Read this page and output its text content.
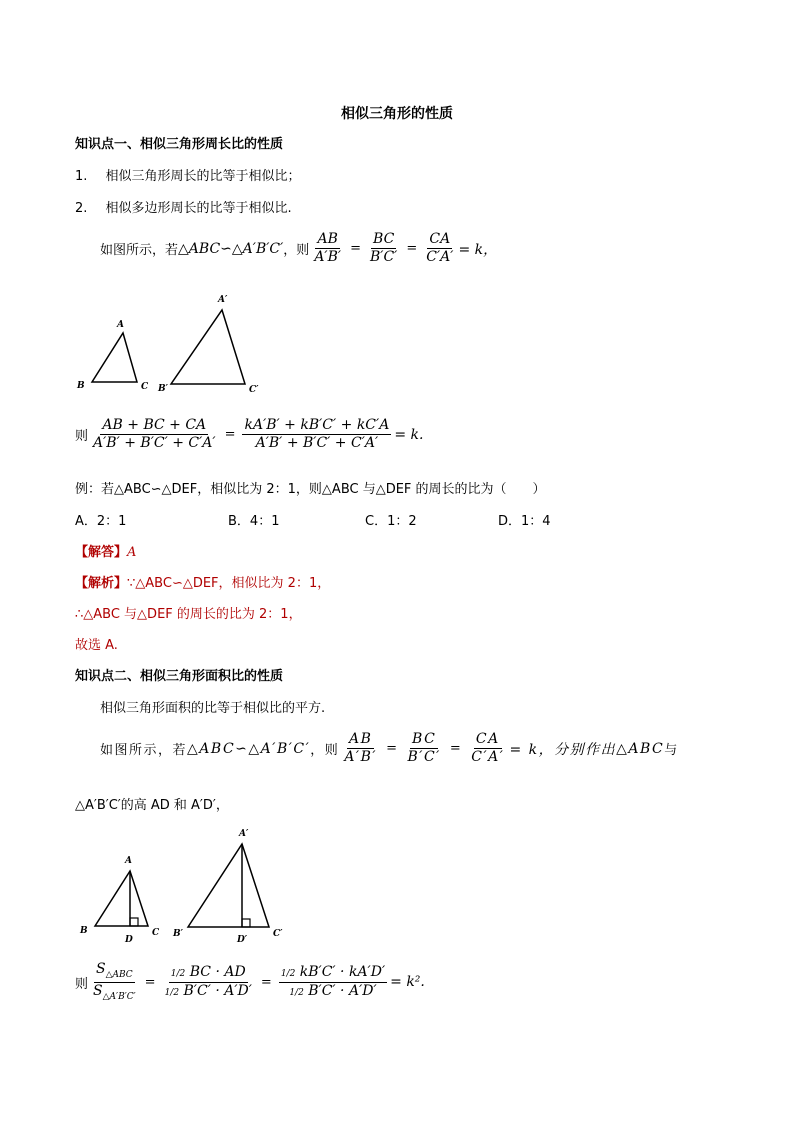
相似三角形的性质
知识点一、相似三角形周长比的性质
1. 相似三角形周长的比等于相似比；
2. 相似多边形周长的比等于相似比.
如图所示，若 △ABC∽△A′B′C′ ，则 $\frac{AB}{A'B'} = \frac{BC}{B'C'} = \frac{CA}{C'A'} = k$，
A
B	C
A′
B′	C′
则 $\frac{AB + BC + CA}{A'B' + B'C' + C'A'} = \frac{kA'B' + kB'C' + kC'A}{A'B' + B'C' + C'A'} = k$.
例：若△ABC∽△DEF，相似比为 2：1，则△ABC 与△DEF 的周长的比为（　　）
A．2：1	B．4：1	C．1：2	D．1：4
【解答】A
【解析】∵△ABC∽△DEF，相似比为 2：1，
∴△ABC 与△DEF 的周长的比为 2：1，
故选 A.
知识点二、相似三角形面积比的性质
相似三角形面积的比等于相似比的平方.
如图所示，若 △ABC∽△A′B′C′ ，则 $\frac{AB}{A'B'} = \frac{BC}{B'C'} = \frac{CA}{C'A'} = k$，分别作出 △ABC 与
△A′B′C′的高 AD 和 A′D′，
A
B	C
D
A′
B′	C′
D′
则 $\frac{S_{\triangle ABC}}{S_{\triangle A'B'C'}} = \frac{1/2 BC \cdot AD}{1/2 B'C' \cdot A'D'} = \frac{1/2 kB'C' \cdot kA'D'}{1/2 B'C' \cdot A'D'} = k^2$.
